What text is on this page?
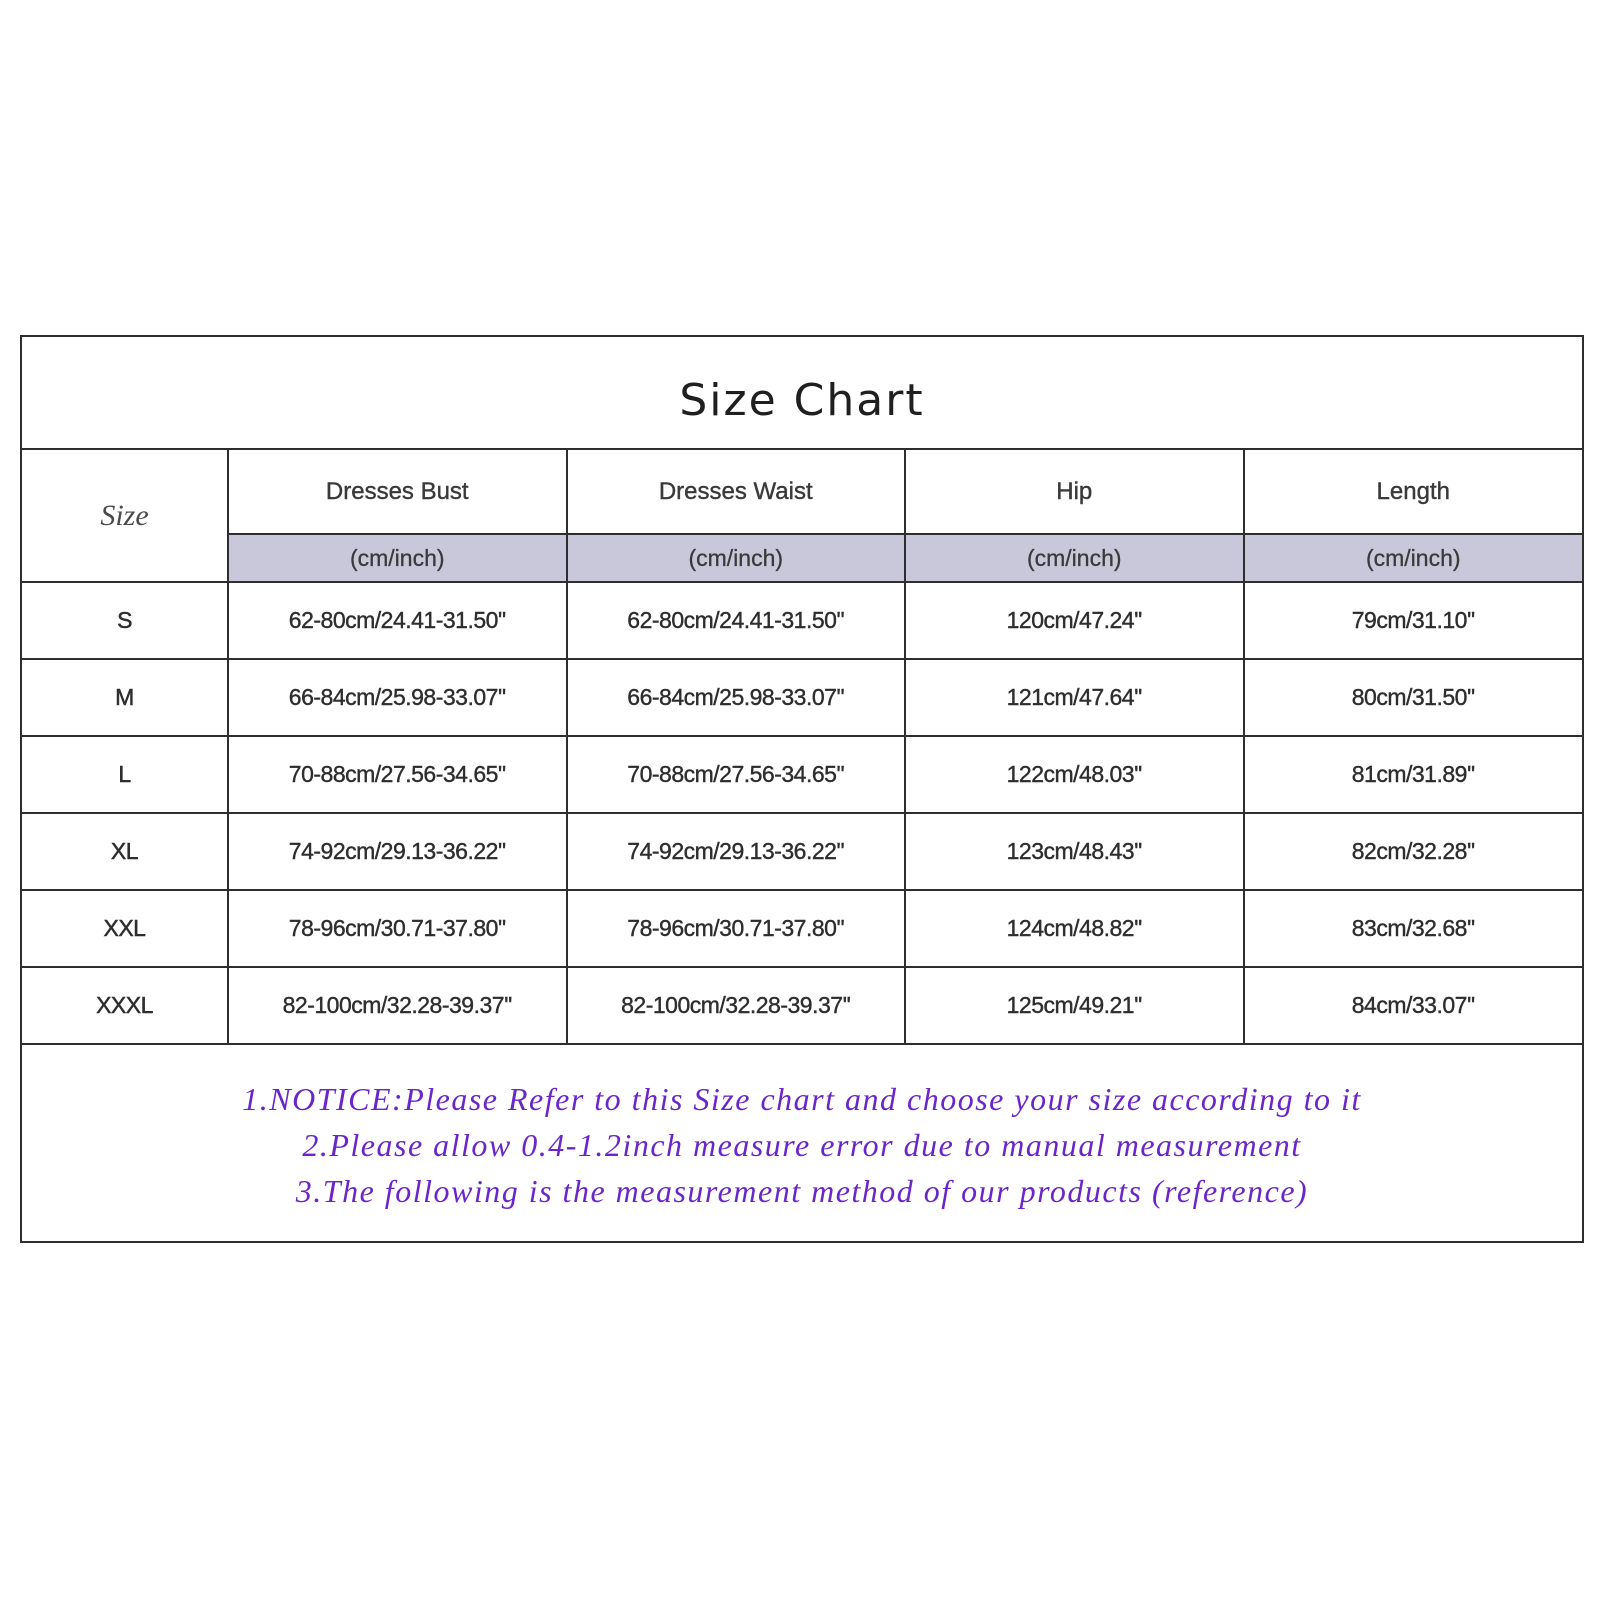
Size Chart
Size	Dresses Bust	Dresses Waist	Hip	Length
	(cm/inch)	(cm/inch)	(cm/inch)	(cm/inch)
S	62-80cm/24.41-31.50''	62-80cm/24.41-31.50''	120cm/47.24''	79cm/31.10''
M	66-84cm/25.98-33.07''	66-84cm/25.98-33.07''	121cm/47.64''	80cm/31.50''
L	70-88cm/27.56-34.65''	70-88cm/27.56-34.65''	122cm/48.03''	81cm/31.89''
XL	74-92cm/29.13-36.22''	74-92cm/29.13-36.22''	123cm/48.43''	82cm/32.28''
XXL	78-96cm/30.71-37.80''	78-96cm/30.71-37.80''	124cm/48.82''	83cm/32.68''
XXXL	82-100cm/32.28-39.37''	82-100cm/32.28-39.37''	125cm/49.21''	84cm/33.07''
1.NOTICE:Please Refer to this Size chart and choose your size according to it
2.Please allow 0.4-1.2inch measure error due to manual measurement
3.The following is the measurement method of our products (reference)
